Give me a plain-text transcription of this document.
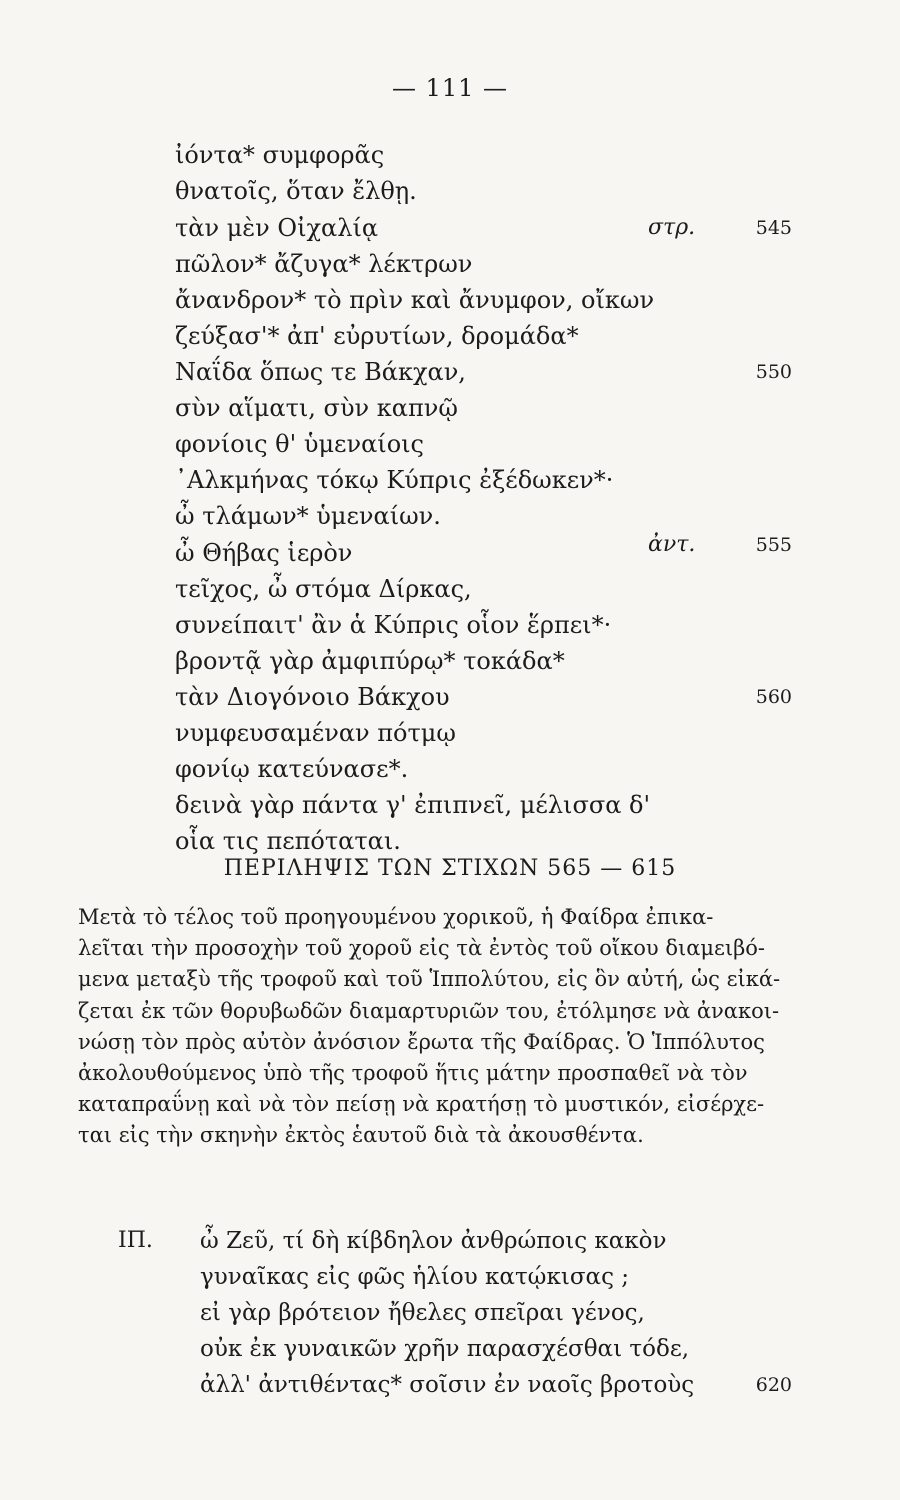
— 111 —
ἰόντα* συμφορᾶς
θνατοῖς, ὅταν ἔλθῃ.
τὰν μὲν Οἰχαλίᾳ	στρ.	545
πῶλον* ἄζυγα* λέκτρων
ἄνανδρον* τὸ πρὶν καὶ ἄνυμφον, οἴκων
ζεύξασ'* ἀπ' εὐρυτίων, δρομάδα*
Ναΐδα ὅπως τε Βάκχαν,	550
σὺν αἵματι, σὺν καπνῷ
φονίοις θ' ὑμεναίοις
᾽Αλκμήνας τόκῳ Κύπρις ἐξέδωκεν*·
ὦ τλάμων* ὑμεναίων.
ὦ Θήβας ἱερὸν	ἀντ.	555
τεῖχος, ὦ στόμα Δίρκας,
συνείπαιτ' ἂν ἁ Κύπρις οἷον ἕρπει*·
βροντᾷ γὰρ ἀμφιπύρῳ* τοκάδα*
τὰν Διογόνοιο Βάκχου	560
νυμφευσαμέναν πότμῳ
φονίῳ κατεύνασε*.
δεινὰ γὰρ πάντα γ' ἐπιπνεῖ, μέλισσα δ'
οἷα τις πεπόταται.
ΠΕΡΙΛΗΨΙΣ ΤΩΝ ΣΤΙΧΩΝ 565 — 615
Μετὰ τὸ τέλος τοῦ προηγουμένου χορικοῦ, ἡ Φαίδρα ἐπικα-
λεῖται τὴν προσοχὴν τοῦ χοροῦ εἰς τὰ ἐντὸς τοῦ οἴκου διαμειβό-
μενα μεταξὺ τῆς τροφοῦ καὶ τοῦ Ἱππολύτου, εἰς ὃν αὐτή, ὡς εἰκά-
ζεται ἐκ τῶν θορυβωδῶν διαμαρτυριῶν του, ἐτόλμησε νὰ ἀνακοι-
νώσῃ τὸν πρὸς αὐτὸν ἀνόσιον ἔρωτα τῆς Φαίδρας. Ὁ Ἱππόλυτος
ἀκολουθούμενος ὑπὸ τῆς τροφοῦ ἥτις μάτην προσπαθεῖ νὰ τὸν
καταπραΰνῃ καὶ νὰ τὸν πείσῃ νὰ κρατήσῃ τὸ μυστικόν, εἰσέρχε-
ται εἰς τὴν σκηνὴν ἐκτὸς ἑαυτοῦ διὰ τὰ ἀκουσθέντα.
ΙΠ. ὦ Ζεῦ, τί δὴ κίβδηλον ἀνθρώποις κακὸν
γυναῖκας εἰς φῶς ἡλίου κατῴκισας ;
εἰ γὰρ βρότειον ἤθελες σπεῖραι γένος,
οὐκ ἐκ γυναικῶν χρῆν παρασχέσθαι τόδε,
ἀλλ' ἀντιθέντας* σοῖσιν ἐν ναοῖς βροτοὺς	620
